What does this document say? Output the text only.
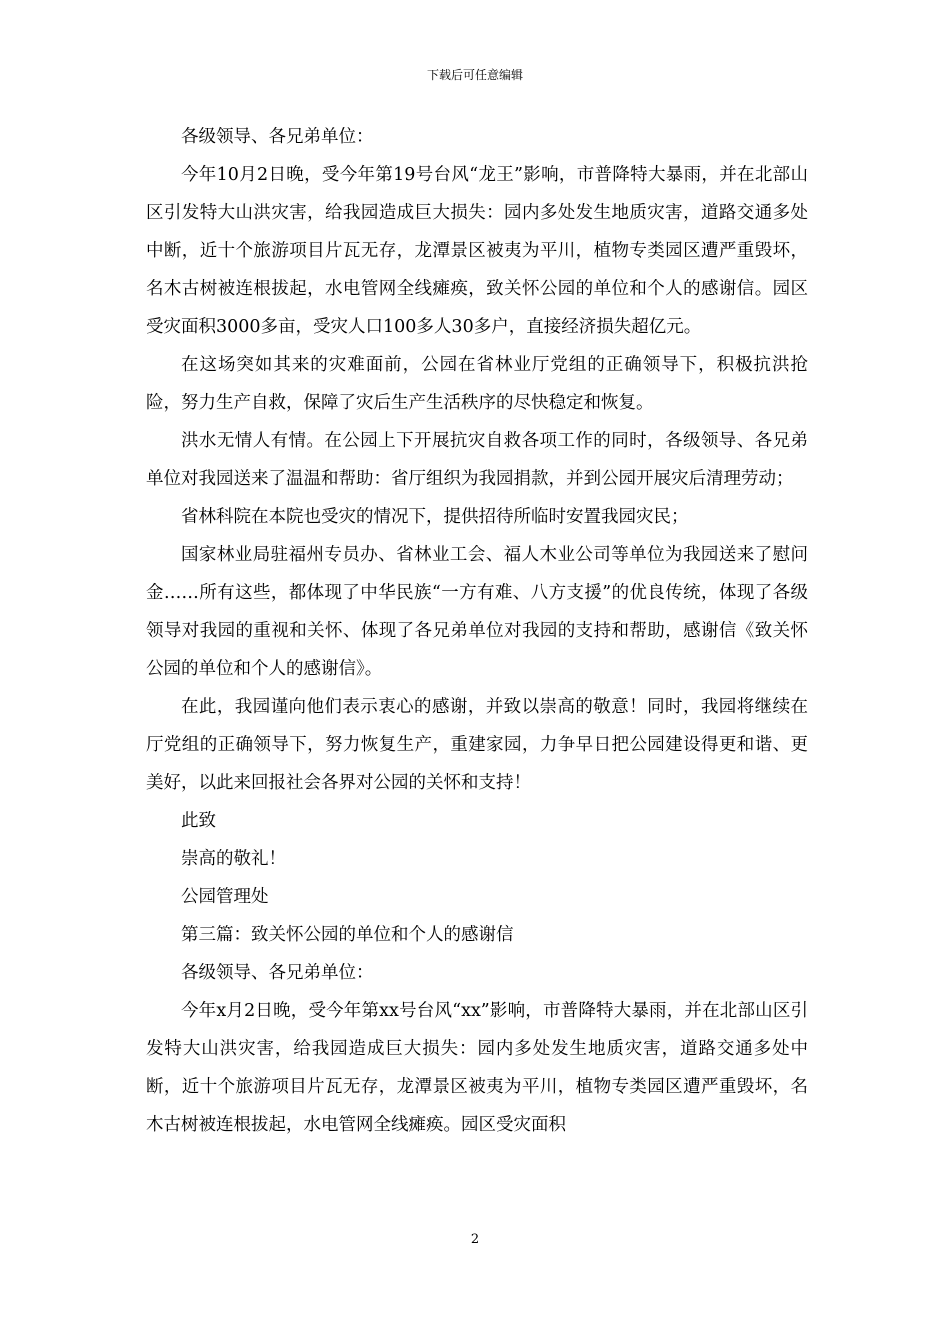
下载后可任意编辑

各级领导、各兄弟单位：

今年10月2日晚，受今年第19号台风“龙王”影响，市普降特大暴雨，并在北部山区引发特大山洪灾害，给我园造成巨大损失：园内多处发生地质灾害，道路交通多处中断，近十个旅游项目片瓦无存，龙潭景区被夷为平川，植物专类园区遭严重毁坏，名木古树被连根拔起，水电管网全线瘫痪，致关怀公园的单位和个人的感谢信。园区受灾面积3000多亩，受灾人口100多人30多户，直接经济损失超亿元。

在这场突如其来的灾难面前，公园在省林业厅党组的正确领导下，积极抗洪抢险，努力生产自救，保障了灾后生产生活秩序的尽快稳定和恢复。

洪水无情人有情。在公园上下开展抗灾自救各项工作的同时，各级领导、各兄弟单位对我园送来了温温和帮助：省厅组织为我园捐款，并到公园开展灾后清理劳动；

省林科院在本院也受灾的情况下，提供招待所临时安置我园灾民；

国家林业局驻福州专员办、省林业工会、福人木业公司等单位为我园送来了慰问金……所有这些，都体现了中华民族“一方有难、八方支援”的优良传统，体现了各级领导对我园的重视和关怀、体现了各兄弟单位对我园的支持和帮助，感谢信《致关怀公园的单位和个人的感谢信》。

在此，我园谨向他们表示衷心的感谢，并致以崇高的敬意！同时，我园将继续在厅党组的正确领导下，努力恢复生产，重建家园，力争早日把公园建设得更和谐、更美好，以此来回报社会各界对公园的关怀和支持！

此致

崇高的敬礼！

公园管理处

第三篇：致关怀公园的单位和个人的感谢信

各级领导、各兄弟单位：

今年x月2日晚，受今年第xx号台风“xx”影响，市普降特大暴雨，并在北部山区引发特大山洪灾害，给我园造成巨大损失：园内多处发生地质灾害，道路交通多处中断，近十个旅游项目片瓦无存，龙潭景区被夷为平川，植物专类园区遭严重毁坏，名木古树被连根拔起，水电管网全线瘫痪。园区受灾面积

2
